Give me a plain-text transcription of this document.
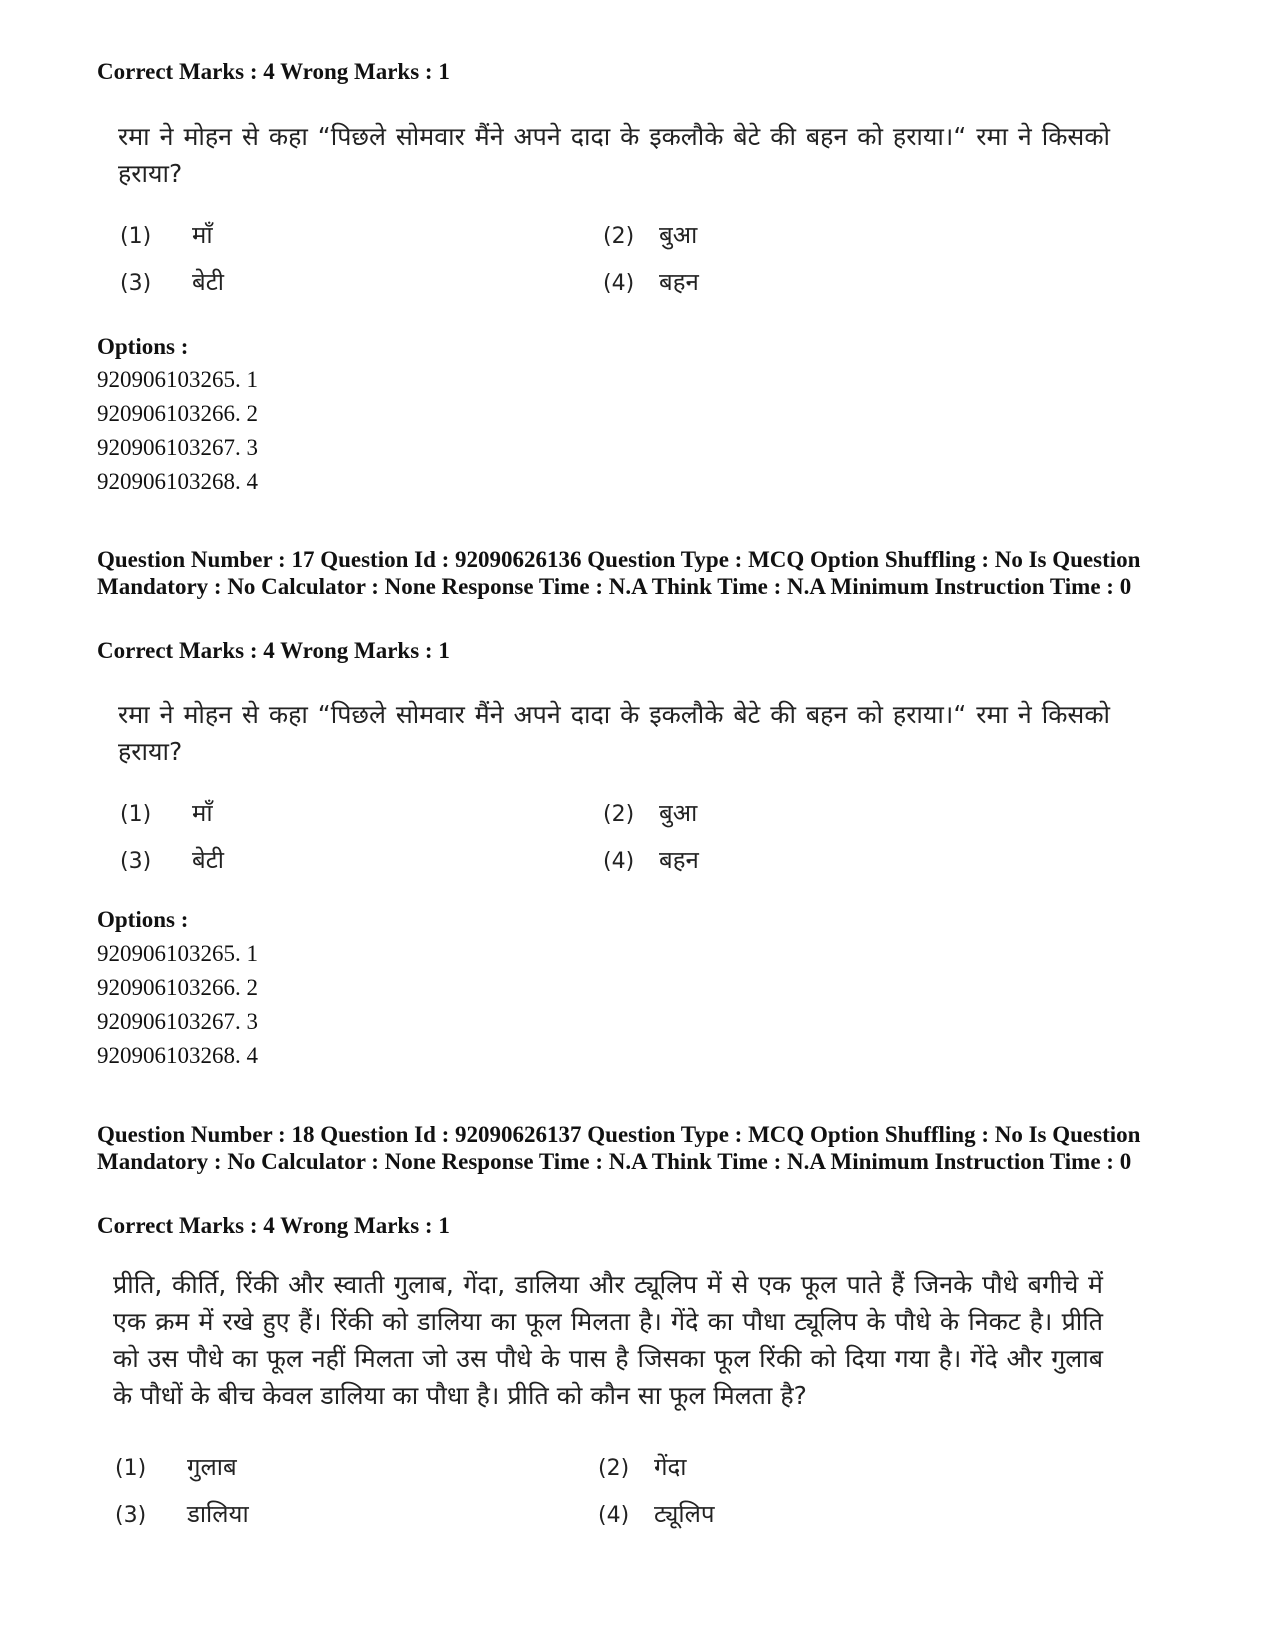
Correct Marks : 4 Wrong Marks : 1
रमा ने मोहन से कहा “पिछले सोमवार मैंने अपने दादा के इकलौके बेटे की बहन को हराया।“ रमा ने किसको हराया?
(1)	माँ	(2)	बुआ
(3)	बेटी	(4)	बहन
Options :
920906103265. 1
920906103266. 2
920906103267. 3
920906103268. 4
Question Number : 17 Question Id : 92090626136 Question Type : MCQ Option Shuffling : No Is Question Mandatory : No Calculator : None Response Time : N.A Think Time : N.A Minimum Instruction Time : 0
Correct Marks : 4 Wrong Marks : 1
रमा ने मोहन से कहा “पिछले सोमवार मैंने अपने दादा के इकलौके बेटे की बहन को हराया।“ रमा ने किसको हराया?
(1)	माँ	(2)	बुआ
(3)	बेटी	(4)	बहन
Options :
920906103265. 1
920906103266. 2
920906103267. 3
920906103268. 4
Question Number : 18 Question Id : 92090626137 Question Type : MCQ Option Shuffling : No Is Question Mandatory : No Calculator : None Response Time : N.A Think Time : N.A Minimum Instruction Time : 0
Correct Marks : 4 Wrong Marks : 1
प्रीति, कीर्ति, रिंकी और स्वाती गुलाब, गेंदा, डालिया और ट्यूलिप में से एक फूल पाते हैं जिनके पौधे बगीचे में एक क्रम में रखे हुए हैं। रिंकी को डालिया का फूल मिलता है। गेंदे का पौधा ट्यूलिप के पौधे के निकट है। प्रीति को उस पौधे का फूल नहीं मिलता जो उस पौधे के पास है जिसका फूल रिंकी को दिया गया है। गेंदे और गुलाब के पौधों के बीच केवल डालिया का पौधा है। प्रीति को कौन सा फूल मिलता है?
(1)	गुलाब	(2)	गेंदा
(3)	डालिया	(4)	ट्यूलिप
